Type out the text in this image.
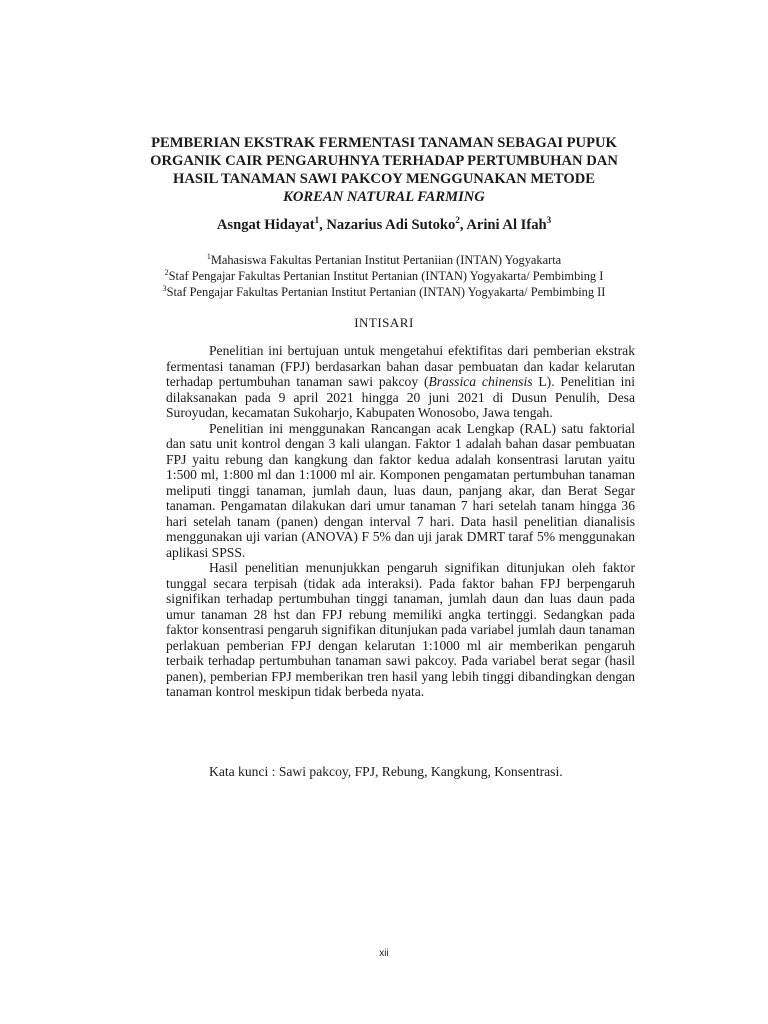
PEMBERIAN EKSTRAK FERMENTASI TANAMAN SEBAGAI PUPUK
ORGANIK CAIR PENGARUHNYA TERHADAP PERTUMBUHAN DAN
HASIL TANAMAN SAWI PAKCOY MENGGUNAKAN METODE
KOREAN NATURAL FARMING
Asngat Hidayat$^1$, Nazarius Adi Sutoko$^2$, Arini Al Ifah$^3$
$^1$Mahasiswa Fakultas Pertanian Institut Pertaniian (INTAN) Yogyakarta
$^2$Staf Pengajar Fakultas Pertanian Institut Pertanian (INTAN) Yogyakarta/ Pembimbing I
$^3$Staf Pengajar Fakultas Pertanian Institut Pertanian (INTAN) Yogyakarta/ Pembimbing II
INTISARI

Penelitian ini bertujuan untuk mengetahui efektifitas dari pemberian ekstrak fermentasi tanaman (FPJ) berdasarkan bahan dasar pembuatan dan kadar kelarutan terhadap pertumbuhan tanaman sawi pakcoy (Brassica chinensis L). Penelitian ini dilaksanakan pada 9 april 2021 hingga 20 juni 2021 di Dusun Penulih, Desa Suroyudan, kecamatan Sukoharjo, Kabupaten Wonosobo, Jawa tengah.

Penelitian ini menggunakan Rancangan acak Lengkap (RAL) satu faktorial dan satu unit kontrol dengan 3 kali ulangan. Faktor 1 adalah bahan dasar pembuatan FPJ yaitu rebung dan kangkung dan faktor kedua adalah konsentrasi larutan yaitu 1:500 ml, 1:800 ml dan 1:1000 ml air. Komponen pengamatan pertumbuhan tanaman meliputi tinggi tanaman, jumlah daun, luas daun, panjang akar, dan Berat Segar tanaman. Pengamatan dilakukan dari umur tanaman 7 hari setelah tanam hingga 36 hari setelah tanam (panen) dengan interval 7 hari. Data hasil penelitian dianalisis menggunakan uji varian (ANOVA) F 5% dan uji jarak DMRT taraf 5% menggunakan aplikasi SPSS.

Hasil penelitian menunjukkan pengaruh signifikan ditunjukan oleh faktor tunggal secara terpisah (tidak ada interaksi). Pada faktor bahan FPJ berpengaruh signifikan terhadap pertumbuhan tinggi tanaman, jumlah daun dan luas daun pada umur tanaman 28 hst dan FPJ rebung memiliki angka tertinggi. Sedangkan pada faktor konsentrasi pengaruh signifikan ditunjukan pada variabel jumlah daun tanaman perlakuan pemberian FPJ dengan kelarutan 1:1000 ml air memberikan pengaruh terbaik terhadap pertumbuhan tanaman sawi pakcoy. Pada variabel berat segar (hasil panen), pemberian FPJ memberikan tren hasil yang lebih tinggi dibandingkan dengan tanaman kontrol meskipun tidak berbeda nyata.

Kata kunci : Sawi pakcoy, FPJ, Rebung, Kangkung, Konsentrasi.
xii
